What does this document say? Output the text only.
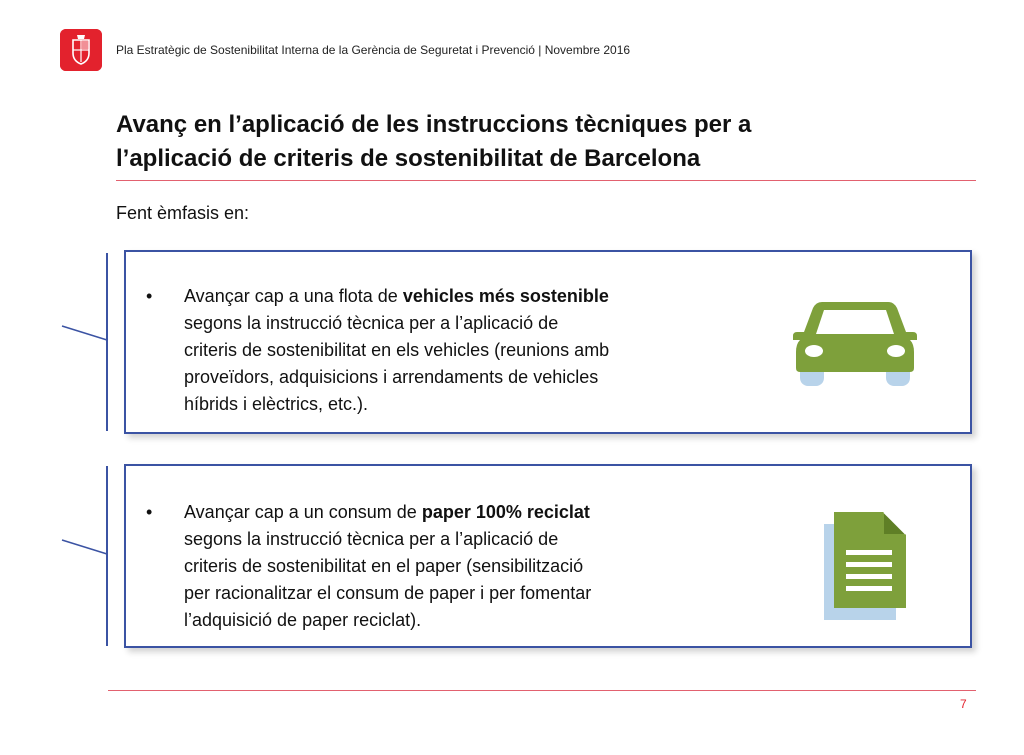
Pla Estratègic de Sostenibilitat Interna de la Gerència de Seguretat i Prevenció | Novembre 2016
Avanç en l’aplicació de les instruccions tècniques per a
l’aplicació de criteris de sostenibilitat de Barcelona
Fent èmfasis en:
• Avançar cap a una flota de vehicles més sostenible
segons la instrucció tècnica per a l’aplicació de
criteris de sostenibilitat en els vehicles (reunions amb
proveïdors, adquisicions i arrendaments de vehicles
híbrids i elèctrics, etc.).
• Avançar cap a un consum de paper 100% reciclat
segons la instrucció tècnica per a l’aplicació de
criteris de sostenibilitat en el paper (sensibilització
per racionalitzar el consum de paper i per fomentar
l’adquisició de paper reciclat).
7
